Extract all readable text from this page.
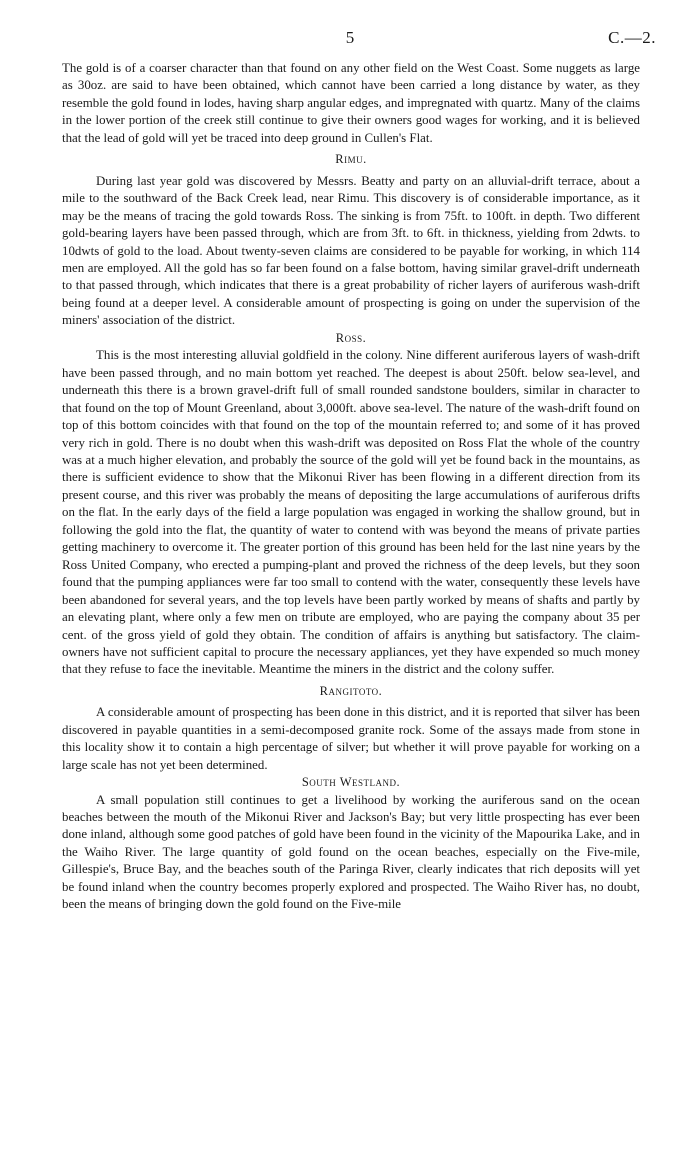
5	C.—2.

The gold is of a coarser character than that found on any other field on the West Coast. Some nuggets as large as 30oz. are said to have been obtained, which cannot have been carried a long distance by water, as they resemble the gold found in lodes, having sharp angular edges, and impregnated with quartz. Many of the claims in the lower portion of the creek still continue to give their owners good wages for working, and it is believed that the lead of gold will yet be traced into deep ground in Cullen's Flat.

Rimu.

During last year gold was discovered by Messrs. Beatty and party on an alluvial-drift terrace, about a mile to the southward of the Back Creek lead, near Rimu. This discovery is of considerable importance, as it may be the means of tracing the gold towards Ross. The sinking is from 75ft. to 100ft. in depth. Two different gold-bearing layers have been passed through, which are from 3ft. to 6ft. in thickness, yielding from 2dwts. to 10dwts of gold to the load. About twenty-seven claims are considered to be payable for working, in which 114 men are employed. All the gold has so far been found on a false bottom, having similar gravel-drift underneath to that passed through, which indicates that there is a great probability of richer layers of auriferous wash-drift being found at a deeper level. A considerable amount of prospecting is going on under the supervision of the miners' association of the district.

Ross.

This is the most interesting alluvial goldfield in the colony. Nine different auriferous layers of wash-drift have been passed through, and no main bottom yet reached. The deepest is about 250ft. below sea-level, and underneath this there is a brown gravel-drift full of small rounded sandstone boulders, similar in character to that found on the top of Mount Greenland, about 3,000ft. above sea-level. The nature of the wash-drift found on top of this bottom coincides with that found on the top of the mountain referred to; and some of it has proved very rich in gold. There is no doubt when this wash-drift was deposited on Ross Flat the whole of the country was at a much higher elevation, and probably the source of the gold will yet be found back in the mountains, as there is sufficient evidence to show that the Mikonui River has been flowing in a different direction from its present course, and this river was probably the means of depositing the large accumulations of auriferous drifts on the flat. In the early days of the field a large population was engaged in working the shallow ground, but in following the gold into the flat, the quantity of water to contend with was beyond the means of private parties getting machinery to overcome it. The greater portion of this ground has been held for the last nine years by the Ross United Company, who erected a pumping-plant and proved the richness of the deep levels, but they soon found that the pumping appliances were far too small to contend with the water, consequently these levels have been abandoned for several years, and the top levels have been partly worked by means of shafts and partly by an elevating plant, where only a few men on tribute are employed, who are paying the company about 35 per cent. of the gross yield of gold they obtain. The condition of affairs is anything but satisfactory. The claim-owners have not sufficient capital to procure the necessary appliances, yet they have expended so much money that they refuse to face the inevitable. Meantime the miners in the district and the colony suffer.

Rangitoto.

A considerable amount of prospecting has been done in this district, and it is reported that silver has been discovered in payable quantities in a semi-decomposed granite rock. Some of the assays made from stone in this locality show it to contain a high percentage of silver; but whether it will prove payable for working on a large scale has not yet been determined.

South Westland.

A small population still continues to get a livelihood by working the auriferous sand on the ocean beaches between the mouth of the Mikonui River and Jackson's Bay; but very little prospecting has ever been done inland, although some good patches of gold have been found in the vicinity of the Mapourika Lake, and in the Waiho River. The large quantity of gold found on the ocean beaches, especially on the Five-mile, Gillespie's, Bruce Bay, and the beaches south of the Paringa River, clearly indicates that rich deposits will yet be found inland when the country becomes properly explored and prospected. The Waiho River has, no doubt, been the means of bringing down the gold found on the Five-mile
